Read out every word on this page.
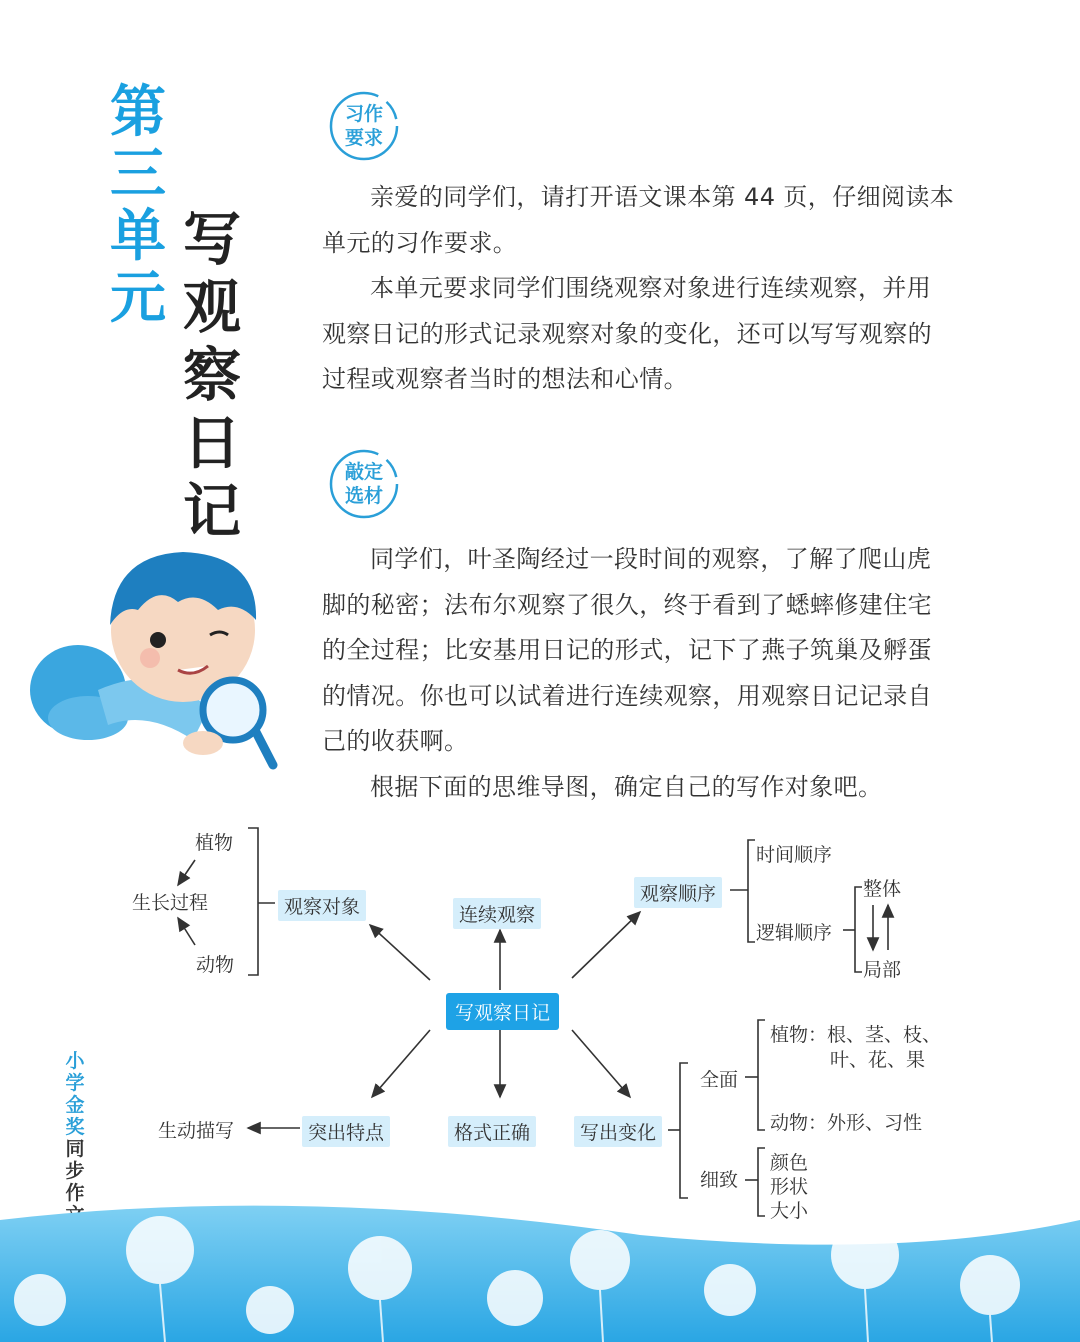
第
三
单
元
写
观
察
日
记
习作
要求
亲爱的同学们，请打开语文课本第 44 页，仔细阅读本
单元的习作要求。
本单元要求同学们围绕观察对象进行连续观察，并用
观察日记的形式记录观察对象的变化，还可以写写观察的
过程或观察者当时的想法和心情。
敲定
选材
同学们，叶圣陶经过一段时间的观察，了解了爬山虎
脚的秘密；法布尔观察了很久，终于看到了蟋蟀修建住宅
的全过程；比安基用日记的形式，记下了燕子筑巢及孵蛋
的情况。你也可以试着进行连续观察，用观察日记记录自
己的收获啊。
根据下面的思维导图，确定自己的写作对象吧。
写观察日记
观察对象
植物
生长过程
动物
连续观察
观察顺序
时间顺序
逻辑顺序
整体
局部
突出特点
生动描写	格式正确	写出变化
全面
植物：根、茎、枝、
叶、花、果
动物：外形、习性
细致
颜色
形状
大小
小
学
金
奖
同
步
作
